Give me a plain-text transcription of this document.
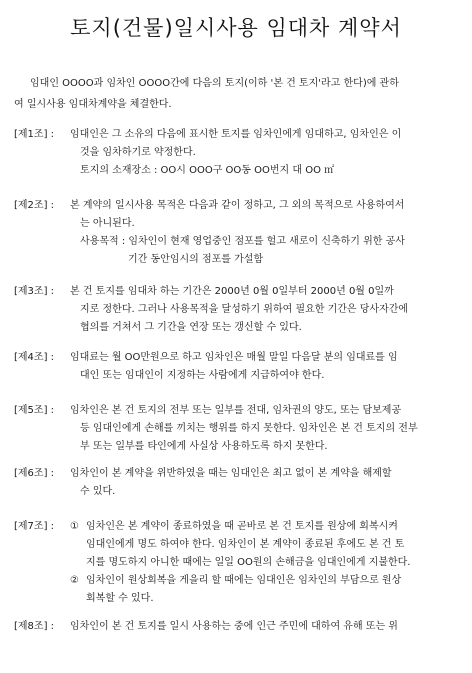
토지(건물)일시사용 임대차 계약서
임대인 OOOO과 임차인 OOOO간에 다음의 토지(이하 '본 건 토지'라고 한다)에 관하
여 일시사용 임대차계약을 체결한다.
[제1조] :	임대인은 그 소유의 다음에 표시한 토지를 임차인에게 임대하고, 임차인은 이
것을 임차하기로 약정한다.
토지의 소재장소 : OO시 OOO구 OO동 OO번지 대 OO ㎡
[제2조] :	본 계약의 일시사용 목적은 다음과 같이 정하고, 그 외의 목적으로 사용하여서
는 아니된다.
사용목적 : 임차인이 현재 영업중인 점포를 헐고 새로이 신축하기 위한 공사
기간 동안임시의 점포를 가설함
[제3조] :	본 건 토지를 임대차 하는 기간은 2000년 0월 0일부터 2000년 0월 0일까
지로 정한다. 그러나 사용목적을 달성하기 위하여 필요한 기간은 당사자간에
협의를 거쳐서 그 기간을 연장 또는 갱신할 수 있다.
[제4조] :	임대료는 월 OO만원으로 하고 임차인은 매월 말일 다음달 분의 임대료를 임
대인 또는 임대인이 지정하는 사람에게 지급하여야 한다.
[제5조] :	임차인은 본 건 토지의 전부 또는 일부를 전대, 임차권의 양도, 또는 담보제공
등 임대인에게 손해를 끼치는 행위를 하지 못한다. 임차인은 본 건 토지의 전부
부 또는 일부를 타인에게 사실상 사용하도록 하지 못한다.
[제6조] :	임차인이 본 계약을 위반하였을 때는 임대인은 최고 없이 본 계약을 해제할
수 있다.
[제7조] :	① 임차인은 본 계약이 종료하였을 때 곧바로 본 건 토지를 원상에 회복시켜
임대인에게 명도 하여야 한다. 임차인이 본 계약이 종료된 후에도 본 건 토
지를 명도하지 아니한 때에는 일일 OO원의 손해금을 임대인에게 지불한다.
② 임차인이 원상회복을 게을리 할 때에는 임대인은 임차인의 부담으로 원상
회복할 수 있다.
[제8조] :	임차인이 본 건 토지를 일시 사용하는 중에 인근 주민에 대하여 유해 또는 위
